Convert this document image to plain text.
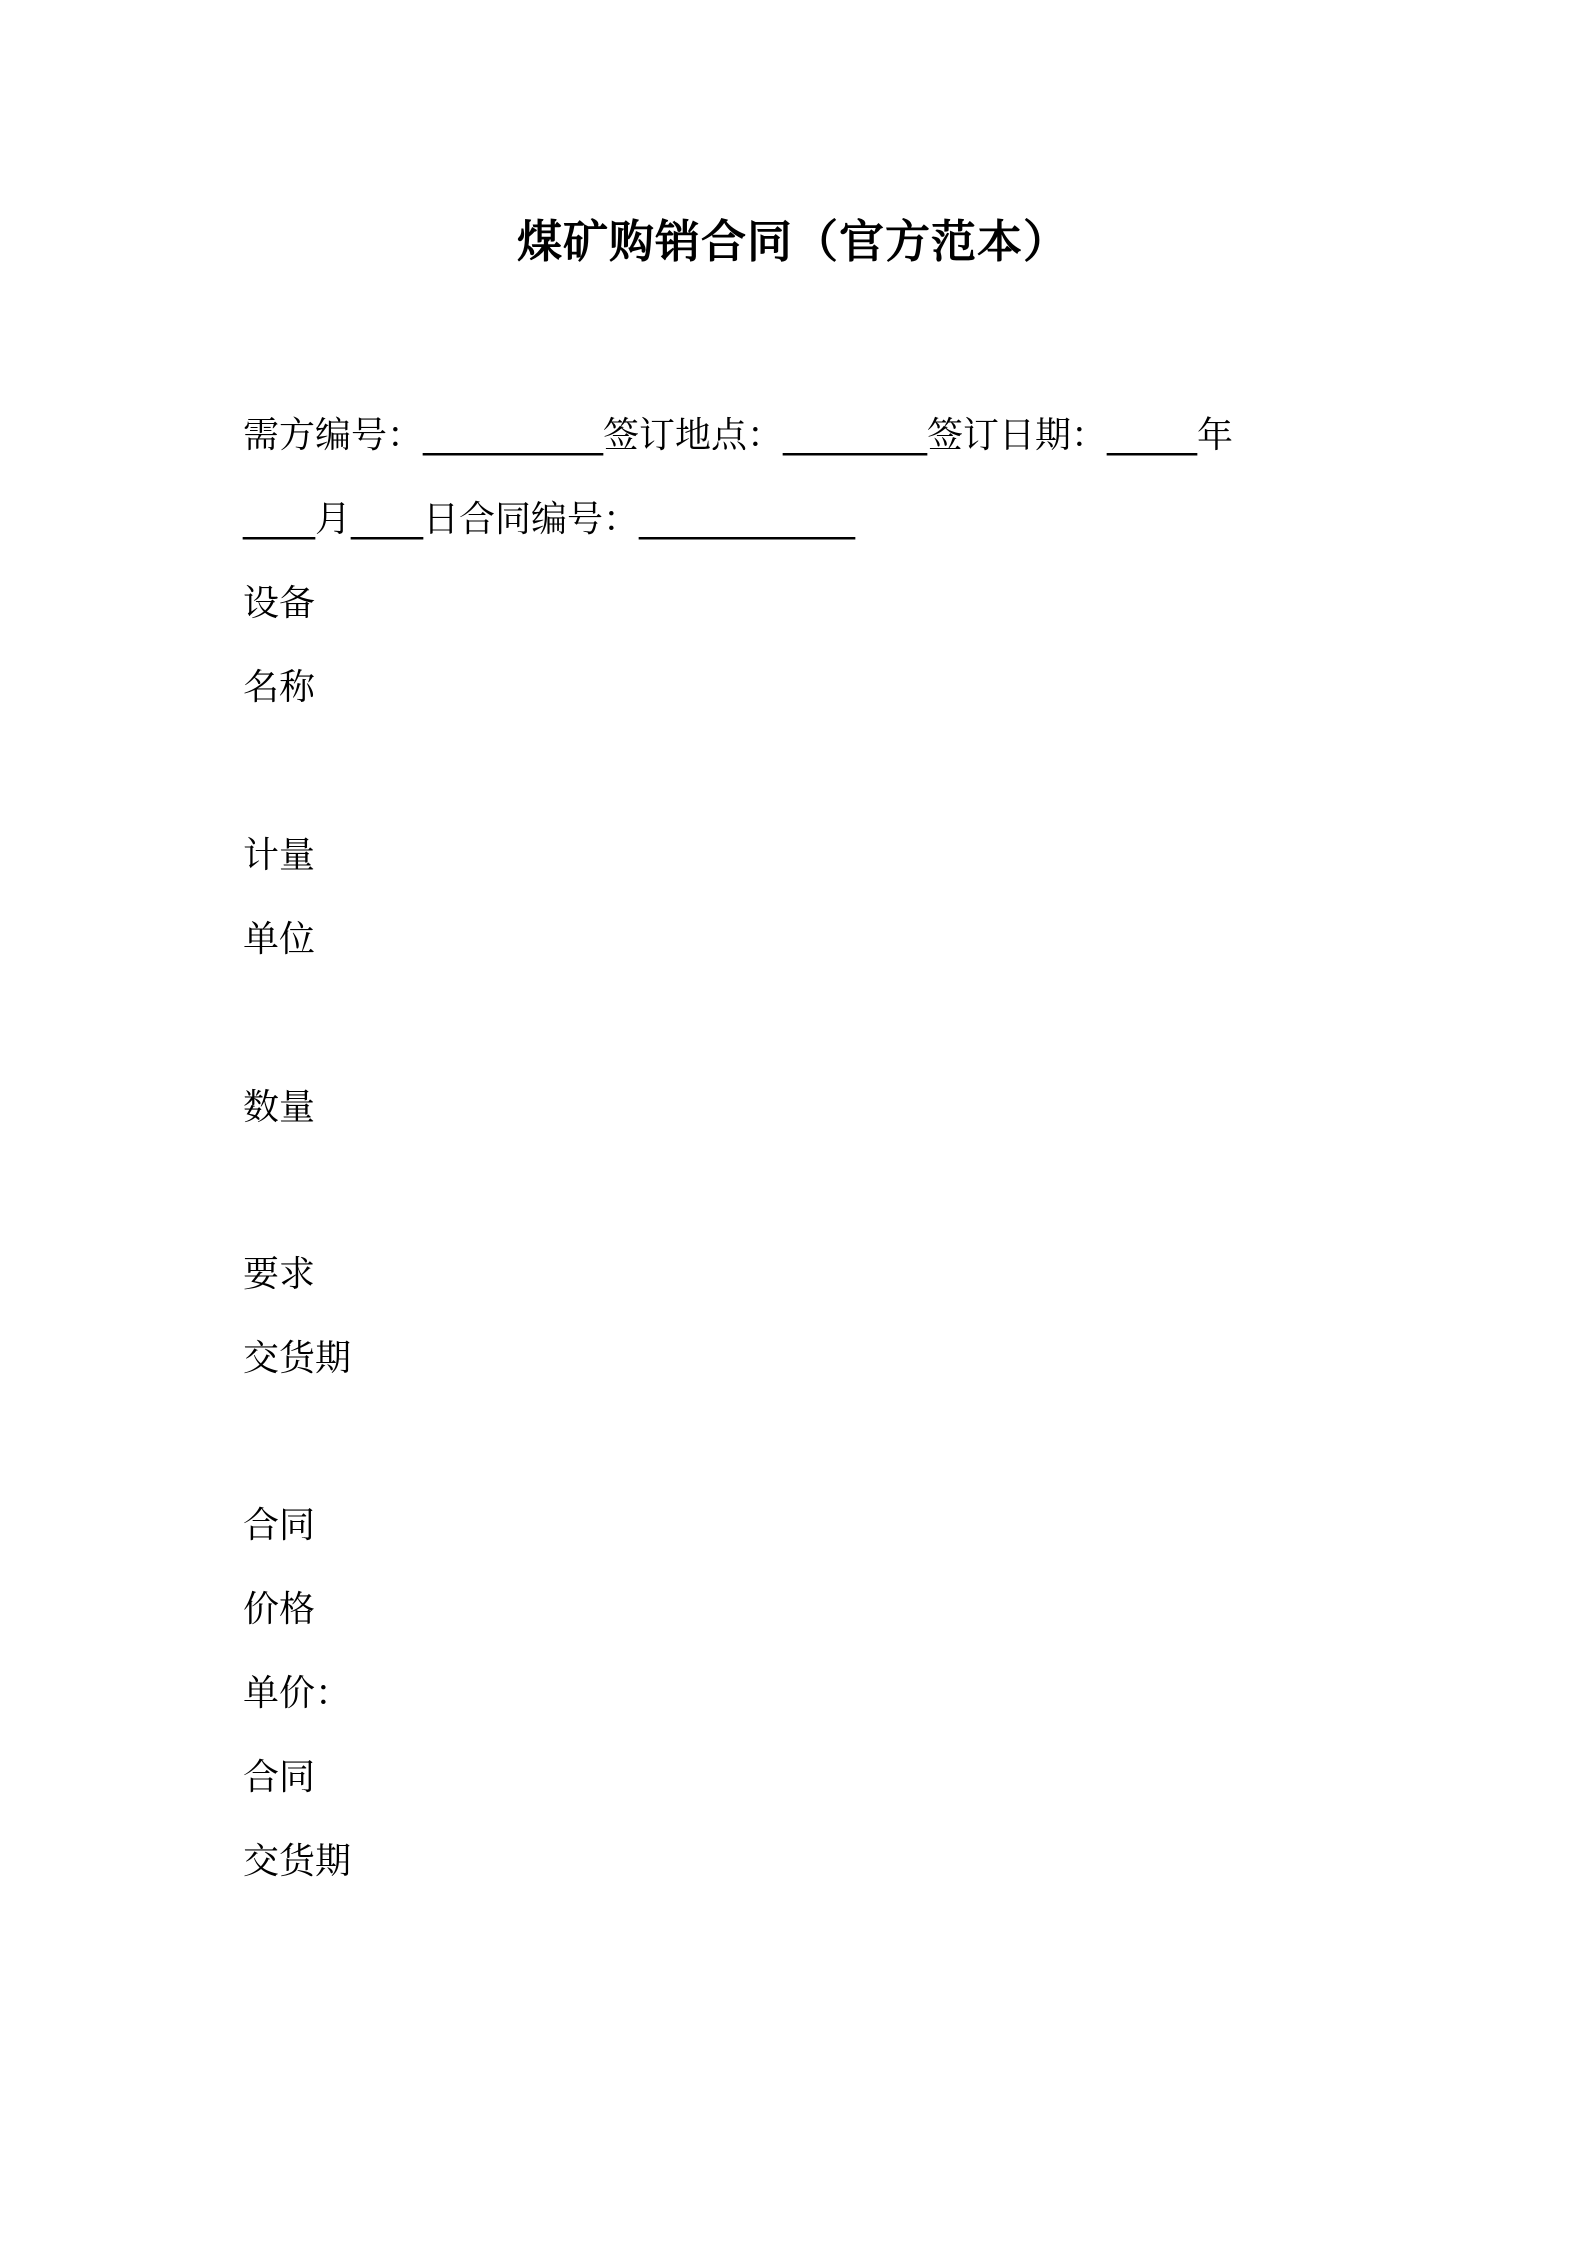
煤矿购销合同（官方范本）

需方编号：__________签订地点：________签订日期：_____年

____月____日合同编号：____________

设备

名称

计量

单位

数量

要求

交货期

合同

价格

单价：

合同

交货期
